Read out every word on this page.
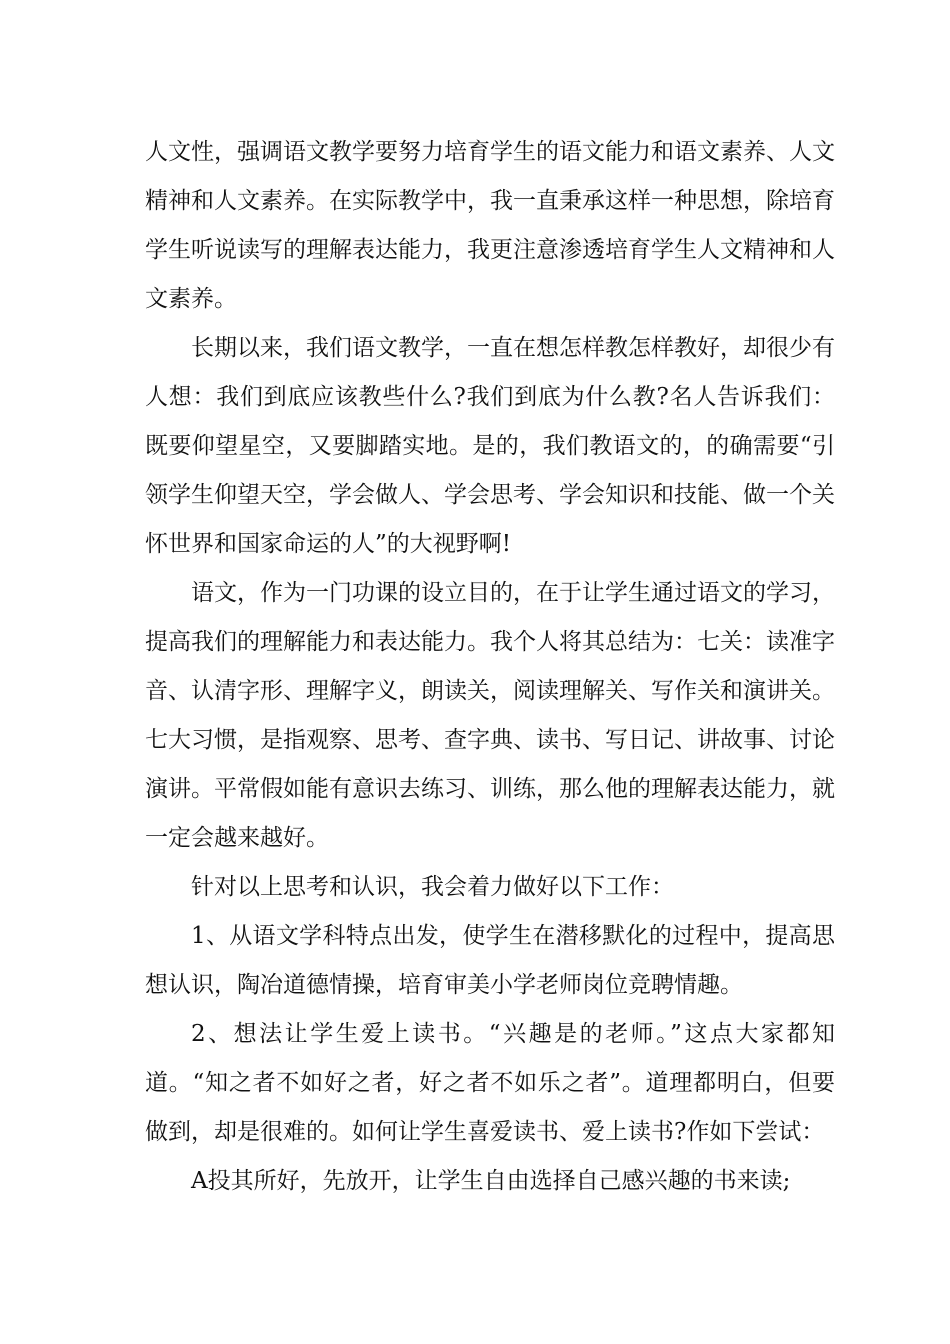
人文性，强调语文教学要努力培育学生的语文能力和语文素养、人文精神和人文素养。在实际教学中，我一直秉承这样一种思想，除培育学生听说读写的理解表达能力，我更注意渗透培育学生人文精神和人文素养。

长期以来，我们语文教学，一直在想怎样教怎样教好，却很少有人想：我们到底应该教些什么?我们到底为什么教?名人告诉我们：既要仰望星空，又要脚踏实地。是的，我们教语文的，的确需要“引领学生仰望天空，学会做人、学会思考、学会知识和技能、做一个关怀世界和国家命运的人”的大视野啊!

语文，作为一门功课的设立目的，在于让学生通过语文的学习，提高我们的理解能力和表达能力。我个人将其总结为：七关：读准字音、认清字形、理解字义，朗读关，阅读理解关、写作关和演讲关。七大习惯，是指观察、思考、查字典、读书、写日记、讲故事、讨论演讲。平常假如能有意识去练习、训练，那么他的理解表达能力，就一定会越来越好。

针对以上思考和认识，我会着力做好以下工作：

1、从语文学科特点出发，使学生在潜移默化的过程中，提高思想认识，陶冶道德情操，培育审美小学老师岗位竞聘情趣。

2、想法让学生爱上读书。“兴趣是的老师。”这点大家都知道。“知之者不如好之者，好之者不如乐之者”。道理都明白，但要做到，却是很难的。如何让学生喜爱读书、爱上读书?作如下尝试：

A投其所好，先放开，让学生自由选择自己感兴趣的书来读;
